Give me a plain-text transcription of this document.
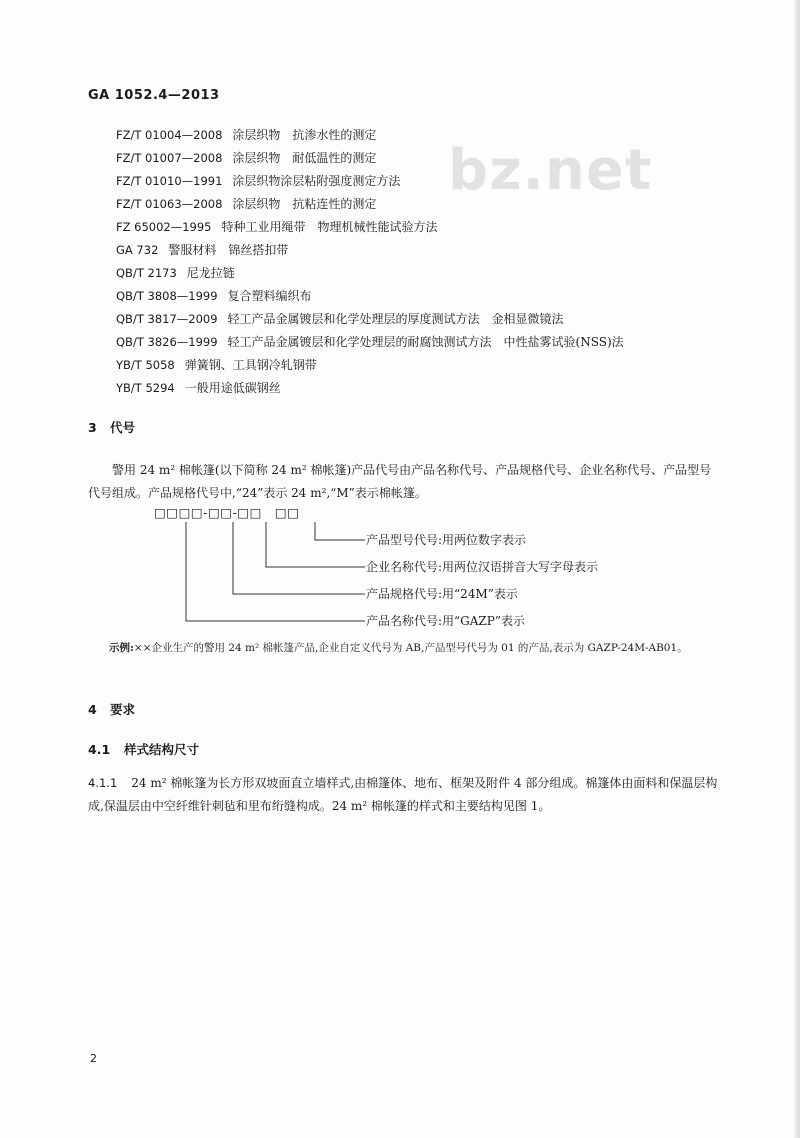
GA 1052.4—2013
bz.net
FZ/T 01004—2008 涂层织物　抗渗水性的测定
FZ/T 01007—2008 涂层织物　耐低温性的测定
FZ/T 01010—1991 涂层织物涂层粘附强度测定方法
FZ/T 01063—2008 涂层织物　抗粘连性的测定
FZ 65002—1995 特种工业用绳带　物理机械性能试验方法
GA 732 警服材料　锦丝搭扣带
QB/T 2173 尼龙拉链
QB/T 3808—1999 复合塑料编织布
QB/T 3817—2009 轻工产品金属镀层和化学处理层的厚度测试方法　金相显微镜法
QB/T 3826—1999 轻工产品金属镀层和化学处理层的耐腐蚀测试方法　中性盐雾试验(NSS)法
YB/T 5058 弹簧钢、工具钢冷轧钢带
YB/T 5294 一般用途低碳钢丝
3 代号
警用 24 m² 棉帐篷(以下简称 24 m² 棉帐篷)产品代号由产品名称代号、产品规格代号、企业名称代号、产品型号代号组成。产品规格代号中,“24”表示 24 m²,“M”表示棉帐篷。
□□□□-□□-□□　□□
产品型号代号:用两位数字表示
企业名称代号:用两位汉语拼音大写字母表示
产品规格代号:用“24M”表示
产品名称代号:用“GAZP”表示
示例:××企业生产的警用 24 m² 棉帐篷产品,企业自定义代号为 AB,产品型号代号为 01 的产品,表示为 GAZP-24M-AB01。
4 要求
4.1 样式结构尺寸
4.1.1 24 m² 棉帐篷为长方形双坡面直立墙样式,由棉篷体、地布、框架及附件 4 部分组成。棉篷体由面料和保温层构成,保温层由中空纤维针刺毡和里布绗缝构成。24 m² 棉帐篷的样式和主要结构见图 1。
2
